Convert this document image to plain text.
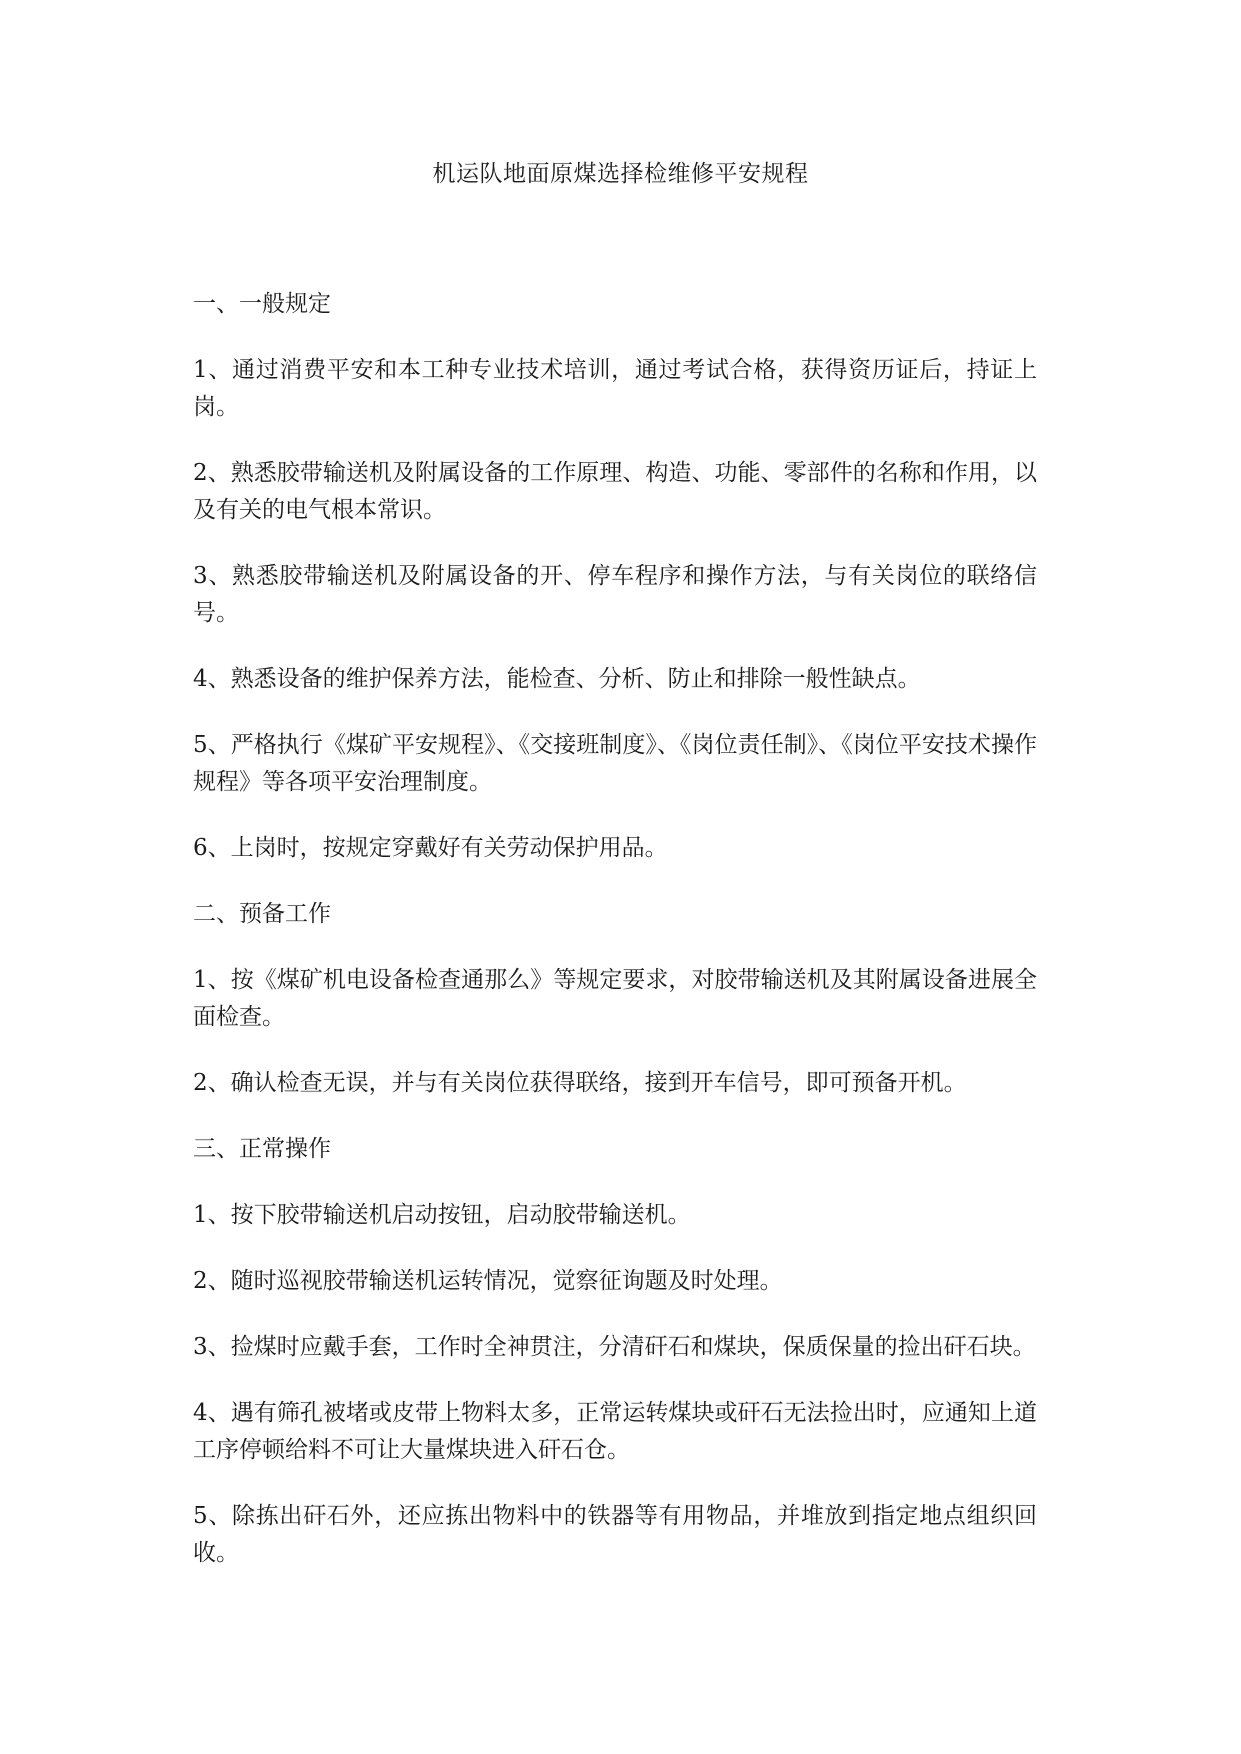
机运队地面原煤选择检维修平安规程

一、一般规定

1、通过消费平安和本工种专业技术培训，通过考试合格，获得资历证后，持证上岗。

2、熟悉胶带输送机及附属设备的工作原理、构造、功能、零部件的名称和作用，以及有关的电气根本常识。

3、熟悉胶带输送机及附属设备的开、停车程序和操作方法，与有关岗位的联络信号。

4、熟悉设备的维护保养方法，能检查、分析、防止和排除一般性缺点。

5、严格执行《煤矿平安规程》、《交接班制度》、《岗位责任制》、《岗位平安技术操作规程》等各项平安治理制度。

6、上岗时，按规定穿戴好有关劳动保护用品。

二、预备工作

1、按《煤矿机电设备检查通那么》等规定要求，对胶带输送机及其附属设备进展全面检查。

2、确认检查无误，并与有关岗位获得联络，接到开车信号，即可预备开机。

三、正常操作

1、按下胶带输送机启动按钮，启动胶带输送机。

2、随时巡视胶带输送机运转情况，觉察征询题及时处理。

3、捡煤时应戴手套，工作时全神贯注，分清矸石和煤块，保质保量的捡出矸石块。

4、遇有筛孔被堵或皮带上物料太多，正常运转煤块或矸石无法捡出时，应通知上道工序停顿给料不可让大量煤块进入矸石仓。

5、除拣出矸石外，还应拣出物料中的铁器等有用物品，并堆放到指定地点组织回收。
